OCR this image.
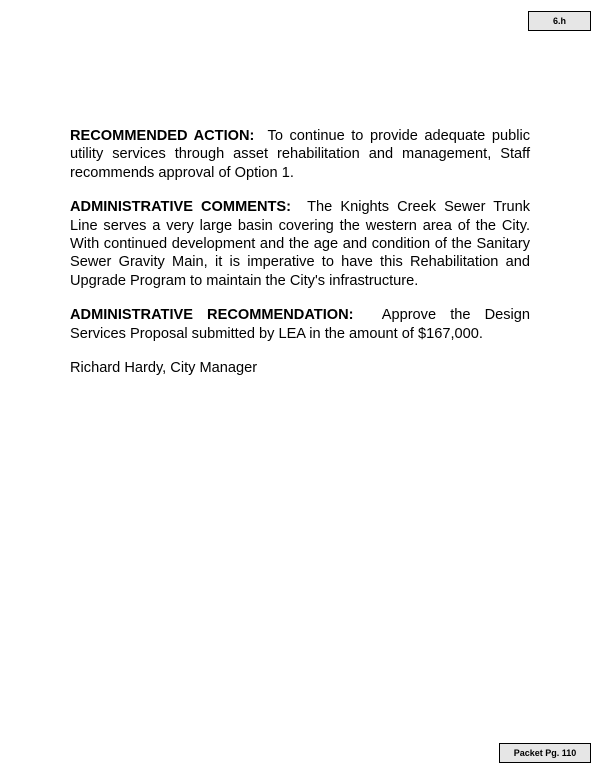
6.h

RECOMMENDED ACTION: To continue to provide adequate public utility services through asset rehabilitation and management, Staff recommends approval of Option 1.

ADMINISTRATIVE COMMENTS: The Knights Creek Sewer Trunk Line serves a very large basin covering the western area of the City. With continued development and the age and condition of the Sanitary Sewer Gravity Main, it is imperative to have this Rehabilitation and Upgrade Program to maintain the City's infrastructure.

ADMINISTRATIVE RECOMMENDATION: Approve the Design Services Proposal submitted by LEA in the amount of $167,000.

Richard Hardy, City Manager

Packet Pg. 110
